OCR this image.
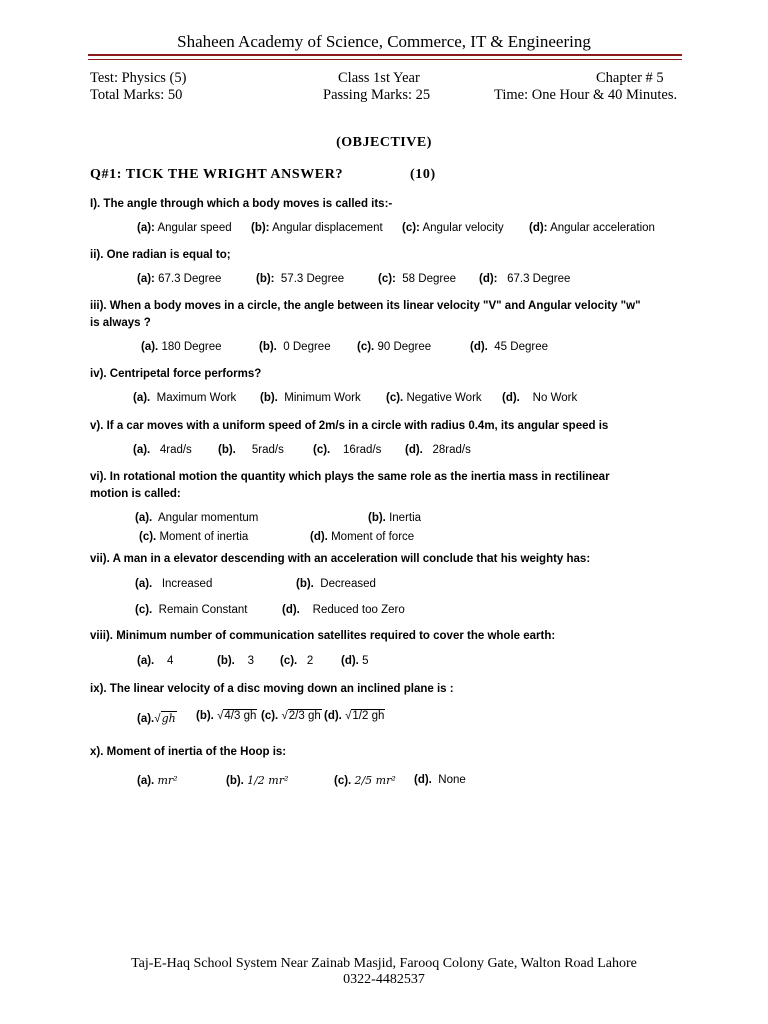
Shaheen Academy of Science, Commerce, IT & Engineering
Test: Physics (5)	Class 1st Year	Chapter # 5
Total Marks: 50	Passing Marks: 25	Time: One Hour & 40 Minutes.
(OBJECTIVE)
Q#1: TICK THE WRIGHT ANSWER?	(10)
I). The angle through which a body moves is called its:-
(a): Angular speed (b): Angular displacement (c): Angular velocity (d): Angular acceleration
ii). One radian is equal to;
(a): 67.3 Degree	(b): 57.3 Degree	(c): 58 Degree (d): 67.3 Degree
iii). When a body moves in a circle, the angle between its linear velocity "V" and Angular velocity "w"
is always ?
(a). 180 Degree	(b). 0 Degree (c). 90 Degree	(d). 45 Degree
iv). Centripetal force performs?
(a). Maximum Work (b). Minimum Work (c). Negative Work (d). No Work
v). If a car moves with a uniform speed of 2m/s in a circle with radius 0.4m, its angular speed is
(a). 4rad/s (b). 5rad/s	(c). 16rad/s (d). 28rad/s
vi). In rotational motion the quantity which plays the same role as the inertia mass in rectilinear
motion is called:
(a). Angular momentum	(b). Inertia
(c). Moment of inertia	(d). Moment of force
vii). A man in a elevator descending with an acceleration will conclude that his weighty has:
(a). Increased	(b). Decreased
(c). Remain Constant	(d). Reduced too Zero
viii). Minimum number of communication satellites required to cover the whole earth:
(a). 4	(b). 3 (c). 2 (d). 5
ix). The linear velocity of a disc moving down an inclined plane is :
(a).√gh (b). √4/3 gh (c). √2/3 gh (d). √1/2 gh
x). Moment of inertia of the Hoop is:
(a). mr²	(b). 1/2 mr²	(c). 2/5 mr² (d). None
Taj-E-Haq School System Near Zainab Masjid, Farooq Colony Gate, Walton Road Lahore
0322-4482537
